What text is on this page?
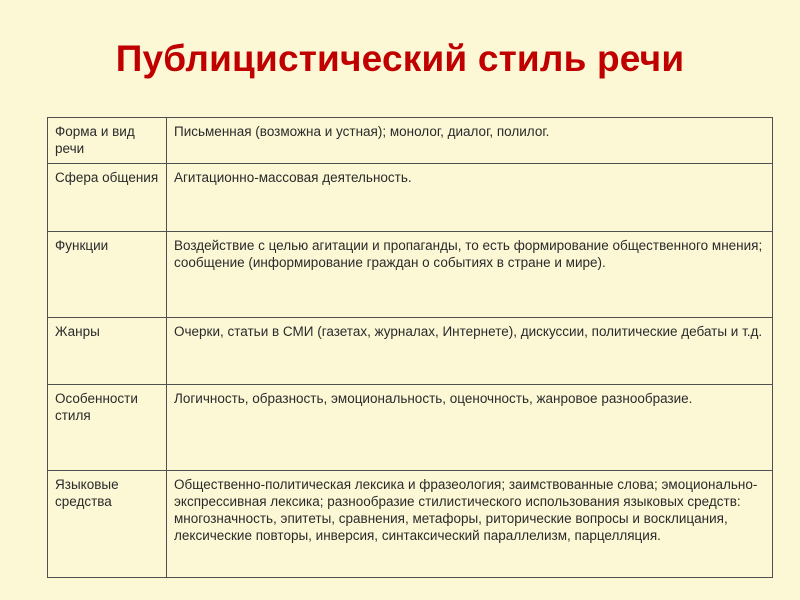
Публицистический стиль речи
Форма и вид речи	Письменная (возможна и устная); монолог, диалог, полилог.
Сфера общения	Агитационно-массовая деятельность.
Функции	Воздействие с целью агитации и пропаганды, то есть формирование общественного мнения; сообщение (информирование граждан о событиях в стране и мире).
Жанры	Очерки, статьи в СМИ (газетах, журналах, Интернете), дискуссии, политические дебаты и т.д.
Особенности стиля	Логичность, образность, эмоциональность, оценочность, жанровое разнообразие.
Языковые средства	Общественно-политическая лексика и фразеология; заимствованные слова; эмоционально-экспрессивная лексика; разнообразие стилистического использования языковых средств: многозначность, эпитеты, сравнения, метафоры, риторические вопросы и восклицания, лексические повторы, инверсия, синтаксический параллелизм, парцелляция.
